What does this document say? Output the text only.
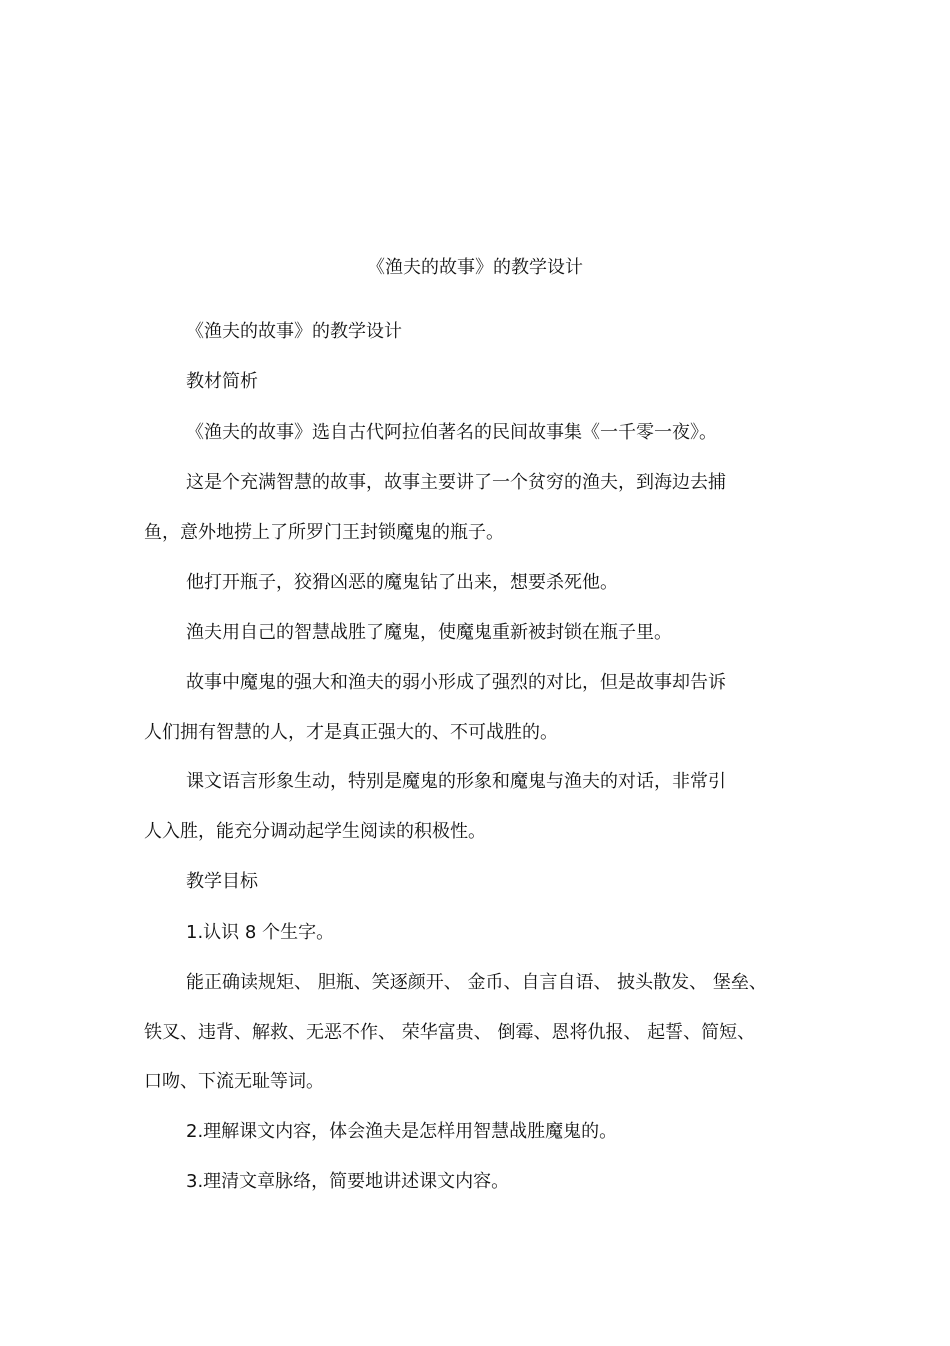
《渔夫的故事》的教学设计
《渔夫的故事》的教学设计
教材简析
《渔夫的故事》选自古代阿拉伯著名的民间故事集《一千零一夜》。
这是个充满智慧的故事，故事主要讲了一个贫穷的渔夫，到海边去捕
鱼，意外地捞上了所罗门王封锁魔鬼的瓶子。
他打开瓶子，狡猾凶恶的魔鬼钻了出来，想要杀死他。
渔夫用自己的智慧战胜了魔鬼，使魔鬼重新被封锁在瓶子里。
故事中魔鬼的强大和渔夫的弱小形成了强烈的对比，但是故事却告诉
人们拥有智慧的人，才是真正强大的、不可战胜的。
课文语言形象生动，特别是魔鬼的形象和魔鬼与渔夫的对话，非常引
人入胜，能充分调动起学生阅读的积极性。
教学目标
1.认识 8 个生字。
能正确读规矩、 胆瓶、笑逐颜开、 金币、自言自语、 披头散发、 堡垒、
铁叉、违背、解救、无恶不作、 荣华富贵、 倒霉、恩将仇报、 起誓、简短、
口吻、下流无耻等词。
2.理解课文内容，体会渔夫是怎样用智慧战胜魔鬼的。
3.理清文章脉络，简要地讲述课文内容。
